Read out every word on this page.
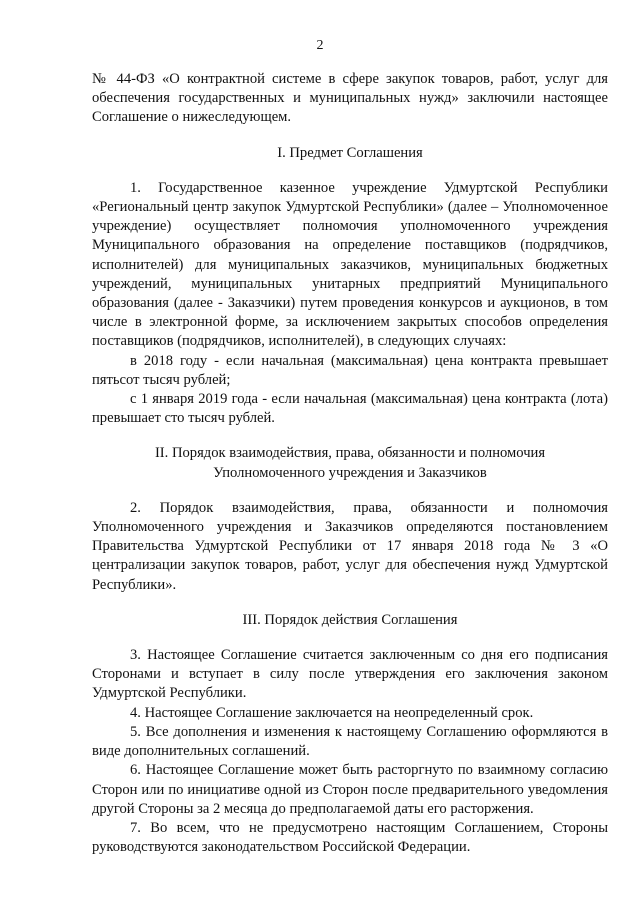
2

№ 44-ФЗ «О контрактной системе в сфере закупок товаров, работ, услуг для обеспечения государственных и муниципальных нужд» заключили настоящее Соглашение о нижеследующем.

I. Предмет Соглашения

1. Государственное казенное учреждение Удмуртской Республики «Региональный центр закупок Удмуртской Республики» (далее – Уполномоченное учреждение) осуществляет полномочия уполномоченного учреждения Муниципального образования на определение поставщиков (подрядчиков, исполнителей) для муниципальных заказчиков, муниципальных бюджетных учреждений, муниципальных унитарных предприятий Муниципального образования (далее - Заказчики) путем проведения конкурсов и аукционов, в том числе в электронной форме, за исключением закрытых способов определения поставщиков (подрядчиков, исполнителей), в следующих случаях:

в 2018 году - если начальная (максимальная) цена контракта превышает пятьсот тысяч рублей;

с 1 января 2019 года - если начальная (максимальная) цена контракта (лота) превышает сто тысяч рублей.

II. Порядок взаимодействия, права, обязанности и полномочия
Уполномоченного учреждения и Заказчиков

2. Порядок взаимодействия, права, обязанности и полномочия Уполномоченного учреждения и Заказчиков определяются постановлением Правительства Удмуртской Республики от 17 января 2018 года № 3 «О централизации закупок товаров, работ, услуг для обеспечения нужд Удмуртской Республики».

III. Порядок действия Соглашения

3. Настоящее Соглашение считается заключенным со дня его подписания Сторонами и вступает в силу после утверждения его заключения законом Удмуртской Республики.

4. Настоящее Соглашение заключается на неопределенный срок.

5. Все дополнения и изменения к настоящему Соглашению оформляются в виде дополнительных соглашений.

6. Настоящее Соглашение может быть расторгнуто по взаимному согласию Сторон или по инициативе одной из Сторон после предварительного уведомления другой Стороны за 2 месяца до предполагаемой даты его расторжения.

7. Во всем, что не предусмотрено настоящим Соглашением, Стороны руководствуются законодательством Российской Федерации.
